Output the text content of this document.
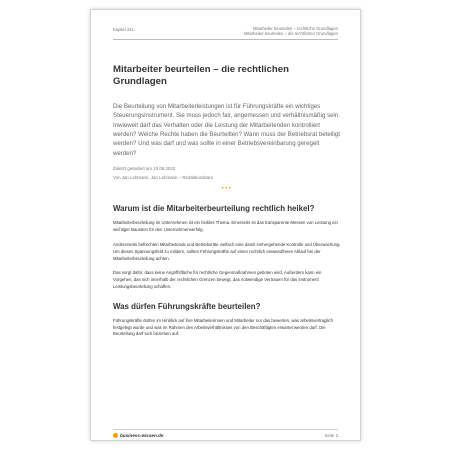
Kapitel 241	Mitarbeiter beurteilen – rechtliche Grundlagen
Mitarbeiter beurteilen – die rechtlichen Grundlagen
Mitarbeiter beurteilen – die rechtlichen Grundlagen

Die Beurteilung von Mitarbeiterleistungen ist für Führungskräfte ein wichtiges Steuerungsinstrument. Sie muss jedoch fair, angemessen und verhältnismäßig sein. Inwieweit darf das Verhalten oder die Leistung der Mitarbeitenden kontrolliert werden? Welche Rechte haben die Beurteilten? Wann muss der Betriebsrat beteiligt werden? Und was darf und was sollte in einer Betriebsvereinbarung geregelt werden?

Zuletzt geändert am 10.08.2022
Von Jan Lehmann, Jan Lehmann – Redaktionsbüro
•••
Warum ist die Mitarbeiterbeurteilung rechtlich heikel?

Mitarbeiterbeurteilung im Unternehmen ist ein heikles Thema. Einerseits ist das transparente Messen von Leistung ein wichtiger Baustein für den Unternehmenserfolg.

Andererseits befürchten Mitarbeitende und Betriebsräte vielfach eine damit einhergehende Kontrolle und Überwachung. Um dieses Spannungsfeld zu mildern, sollten Führungskräfte auf einen rechtlich einwandfreien Ablauf bei der Mitarbeiterbeurteilung achten.

Das sorgt dafür, dass keine Angriffsfläche für rechtliche Gegenmaßnahmen geboten wird. Außerdem kann ein Vorgehen, das sich innerhalb der rechtlichen Grenzen bewegt, das notwendige Vertrauen für das Instrument Leistungsbeurteilung schaffen.

Was dürfen Führungskräfte beurteilen?

Führungskräfte dürfen im Hinblick auf ihre Mitarbeiterinnen und Mitarbeiter nur das bewerten, was arbeitsvertraglich festgelegt wurde und was im Rahmen des Arbeitsverhältnisses von den Beschäftigten erwartet werden darf. Die Beurteilung darf sich beziehen auf:

business-wissen.de	Seite 2
